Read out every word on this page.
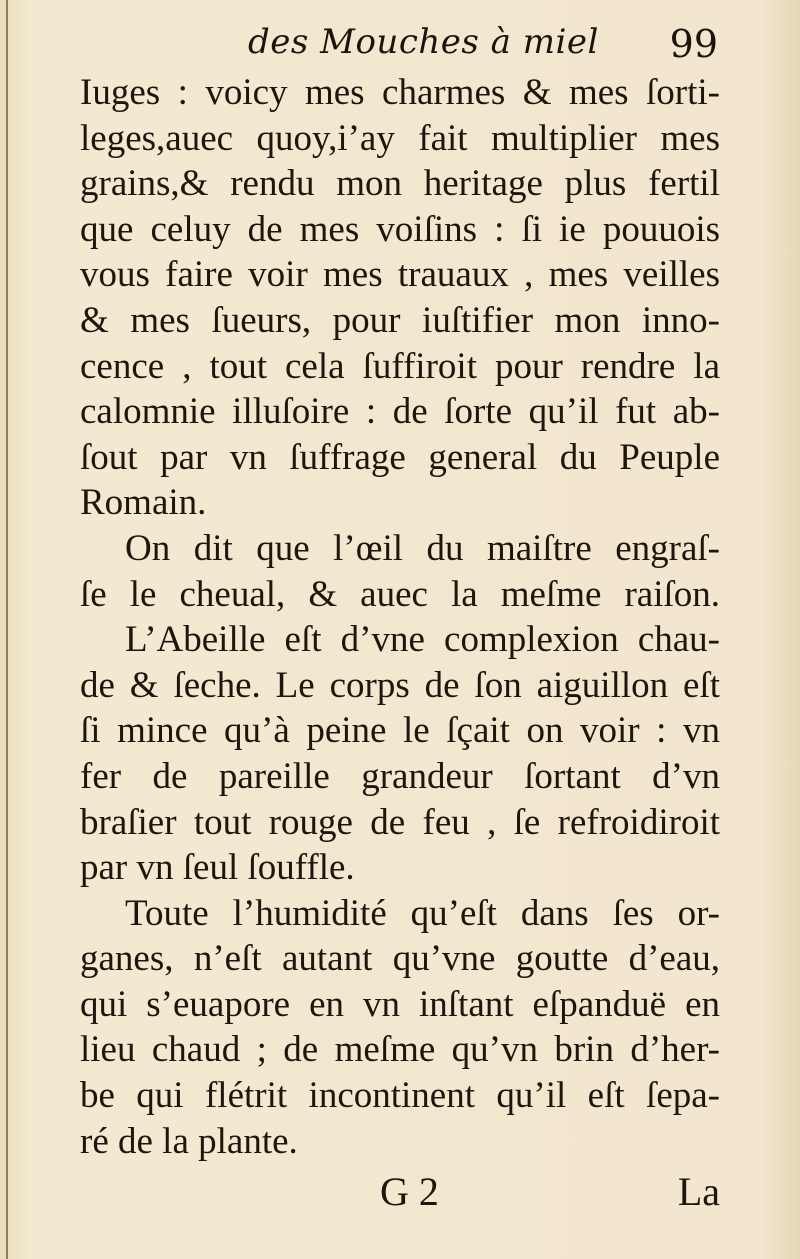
des Mouches à miel 99
Iuges : voicy mes charmes & mes ſorti-
leges,auec quoy,i’ay fait multiplier mes
grains,& rendu mon heritage plus fertil
que celuy de mes voiſins : ſi ie pouuois
vous faire voir mes trauaux , mes veilles
& mes ſueurs, pour iuſtifier mon inno-
cence , tout cela ſuffiroit pour rendre la
calomnie illuſoire : de ſorte qu’il fut ab-
ſout par vn ſuffrage general du Peuple
Romain.
On dit que l’œil du maiſtre engraſ-
ſe le cheual, & auec la meſme raiſon.
L’Abeille eſt d’vne complexion chau-
de & ſeche. Le corps de ſon aiguillon eſt
ſi mince qu’à peine le ſçait on voir : vn
fer de pareille grandeur ſortant d’vn
braſier tout rouge de feu , ſe refroidiroit
par vn ſeul ſouffle.
Toute l’humidité qu’eſt dans ſes or-
ganes, n’eſt autant qu’vne goutte d’eau,
qui s’euapore en vn inſtant eſpanduë en
lieu chaud ; de meſme qu’vn brin d’her-
be qui flétrit incontinent qu’il eſt ſepa-
ré de la plante.
G 2	La
